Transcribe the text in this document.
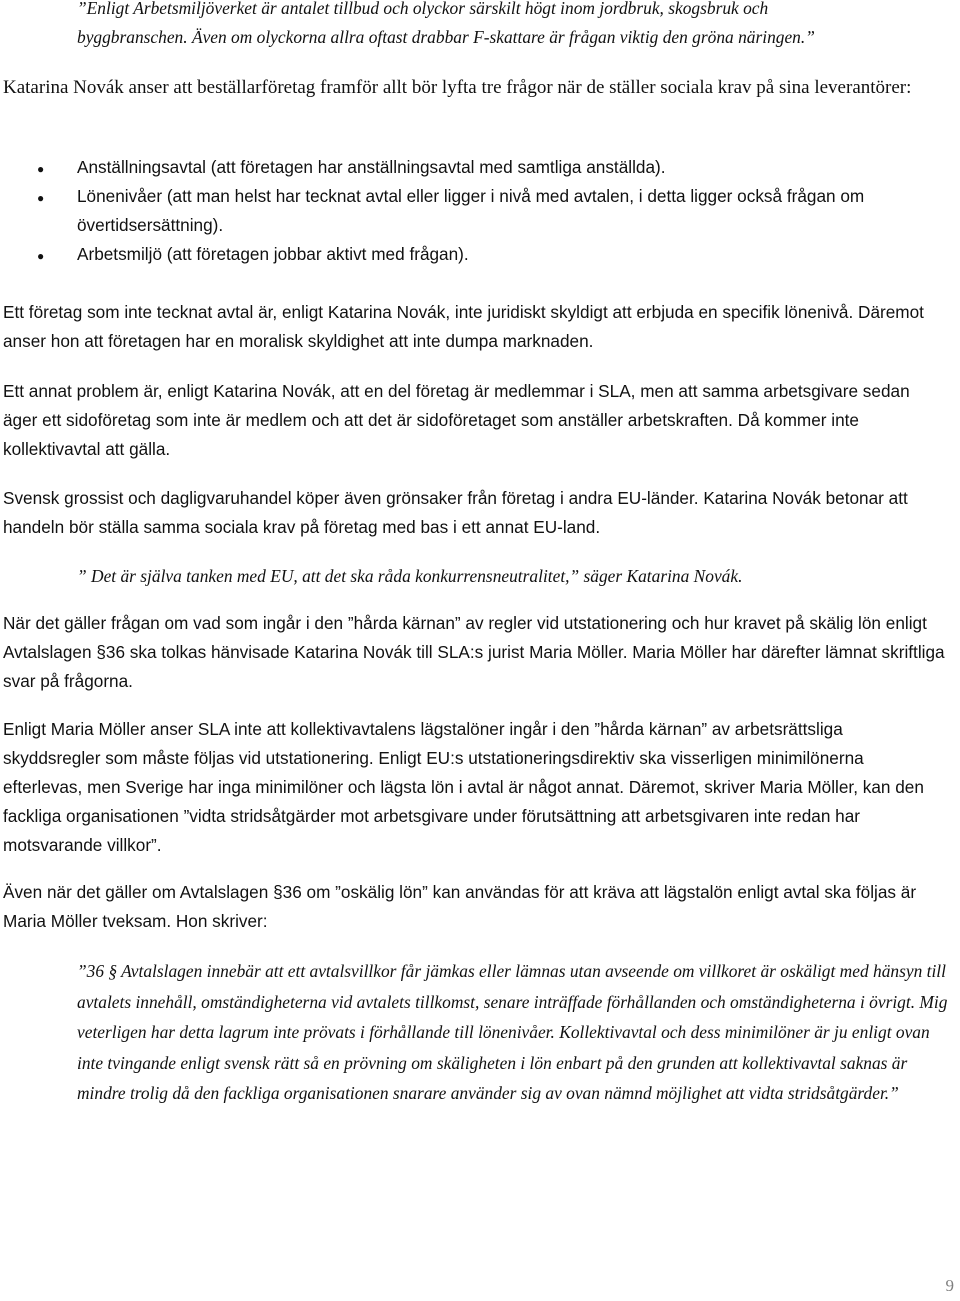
”Enligt Arbetsmiljöverket är antalet tillbud och olyckor särskilt högt inom jordbruk, skogsbruk och byggbranschen. Även om olyckorna allra oftast drabbar F-skattare är frågan viktig den gröna näringen.”

Katarina Novák anser att beställarföretag framför allt bör lyfta tre frågor när de ställer sociala krav på sina leverantörer:

● Anställningsavtal (att företagen har anställningsavtal med samtliga anställda).
● Lönenivåer (att man helst har tecknat avtal eller ligger i nivå med avtalen, i detta ligger också frågan om övertidsersättning).
● Arbetsmiljö (att företagen jobbar aktivt med frågan).

Ett företag som inte tecknat avtal är, enligt Katarina Novák, inte juridiskt skyldigt att erbjuda en specifik lönenivå. Däremot anser hon att företagen har en moralisk skyldighet att inte dumpa marknaden.

Ett annat problem är, enligt Katarina Novák, att en del företag är medlemmar i SLA, men att samma arbetsgivare sedan äger ett sidoföretag som inte är medlem och att det är sidoföretaget som anställer arbetskraften. Då kommer inte kollektivavtal att gälla.

Svensk grossist och dagligvaruhandel köper även grönsaker från företag i andra EU-länder. Katarina Novák betonar att handeln bör ställa samma sociala krav på företag med bas i ett annat EU-land.

” Det är själva tanken med EU, att det ska råda konkurrensneutralitet,” säger Katarina Novák.

När det gäller frågan om vad som ingår i den ”hårda kärnan” av regler vid utstationering och hur kravet på skälig lön enligt Avtalslagen §36 ska tolkas hänvisade Katarina Novák till SLA:s jurist Maria Möller. Maria Möller har därefter lämnat skriftliga svar på frågorna.

Enligt Maria Möller anser SLA inte att kollektivavtalens lägstalöner ingår i den ”hårda kärnan” av arbetsrättsliga skyddsregler som måste följas vid utstationering. Enligt EU:s utstationeringsdirektiv ska visserligen minimilönerna efterlevas, men Sverige har inga minimilöner och lägsta lön i avtal är något annat. Däremot, skriver Maria Möller, kan den fackliga organisationen ”vidta stridsåtgärder mot arbetsgivare under förutsättning att arbetsgivaren inte redan har motsvarande villkor”.

Även när det gäller om Avtalslagen §36 om ”oskälig lön” kan användas för att kräva att lägstalön enligt avtal ska följas är Maria Möller tveksam. Hon skriver:

”36 § Avtalslagen innebär att ett avtalsvillkor får jämkas eller lämnas utan avseende om villkoret är oskäligt med hänsyn till avtalets innehåll, omständigheterna vid avtalets tillkomst, senare inträffade förhållanden och omständigheterna i övrigt. Mig veterligen har detta lagrum inte prövats i förhållande till lönenivåer. Kollektivavtal och dess minimilöner är ju enligt ovan inte tvingande enligt svensk rätt så en prövning om skäligheten i lön enbart på den grunden att kollektivavtal saknas är mindre trolig då den fackliga organisationen snarare använder sig av ovan nämnd möjlighet att vidta stridsåtgärder.”

9
